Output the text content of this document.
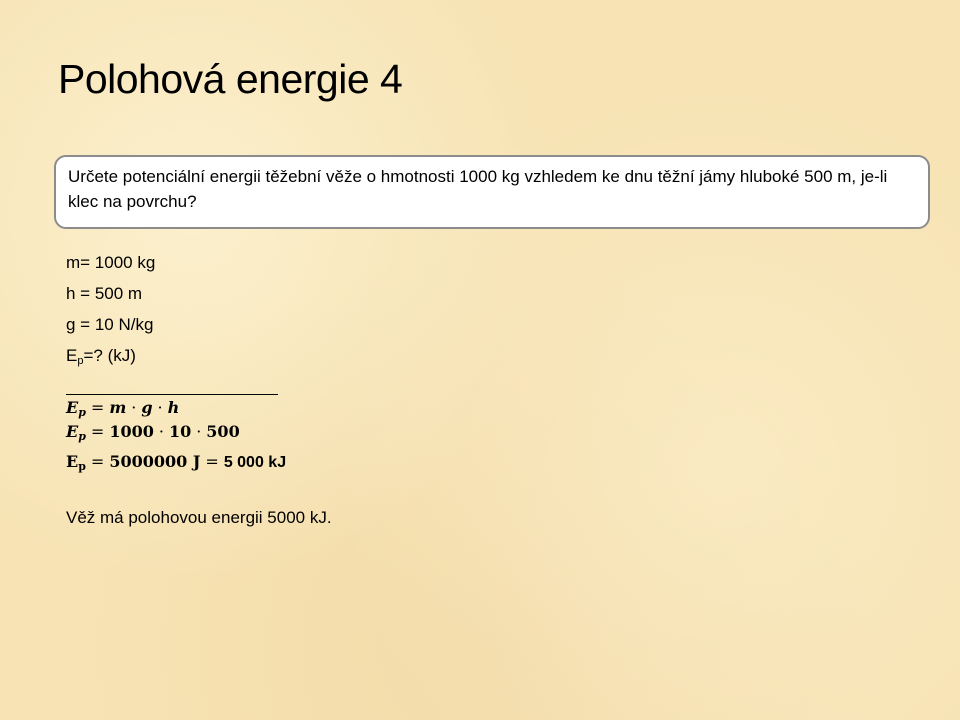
Polohová energie 4

Určete potenciální energii těžební věže o hmotnosti 1000 kg vzhledem ke dnu těžní jámy hluboké 500 m, je-li klec na povrchu?

m= 1000 kg
h = 500 m
g = 10 N/kg
$E_p=$? (kJ)
$E_p = m \cdot g \cdot h$
$E_p = 1000 \cdot 10 \cdot 500$
$E_p = 5000000$ J = 5 000 kJ
Věž má polohovou energii 5000 kJ.
